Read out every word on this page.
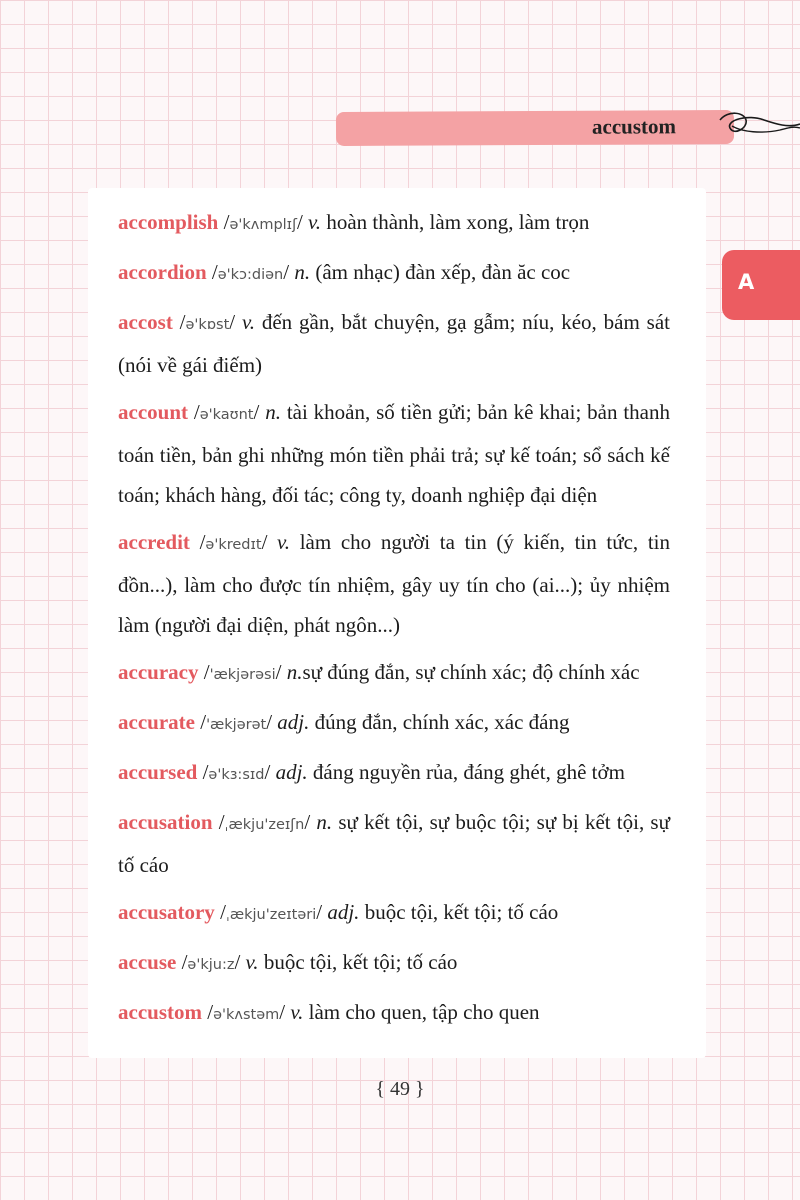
accustom
A
accomplish /ə'kʌmplɪʃ/ v. hoàn thành, làm xong, làm trọn
accordion /ə'kɔ:diən/ n. (âm nhạc) đàn xếp, đàn ăc coc
accost /ə'kɒst/ v. đến gần, bắt chuyện, gạ gẫm; níu, kéo, bám sát (nói về gái điếm)
account /ə'kaʊnt/ n. tài khoản, số tiền gửi; bản kê khai; bản thanh toán tiền, bản ghi những món tiền phải trả; sự kế toán; sổ sách kế toán; khách hàng, đối tác; công ty, doanh nghiệp đại diện
accredit /ə'kredɪt/ v. làm cho người ta tin (ý kiến, tin tức, tin đồn...), làm cho được tín nhiệm, gây uy tín cho (ai...); ủy nhiệm làm (người đại diện, phát ngôn...)
accuracy /'ækjərəsi/ n.sự đúng đắn, sự chính xác; độ chính xác
accurate /'ækjərət/ adj. đúng đắn, chính xác, xác đáng
accursed /ə'kɜ:sɪd/ adj. đáng nguyền rủa, đáng ghét, ghê tởm
accusation /ˌækju'zeɪʃn/ n. sự kết tội, sự buộc tội; sự bị kết tội, sự tố cáo
accusatory /ˌækju'zeɪtəri/ adj. buộc tội, kết tội; tố cáo
accuse /ə'kju:z/ v. buộc tội, kết tội; tố cáo
accustom /ə'kʌstəm/ v. làm cho quen, tập cho quen
{ 49 }
